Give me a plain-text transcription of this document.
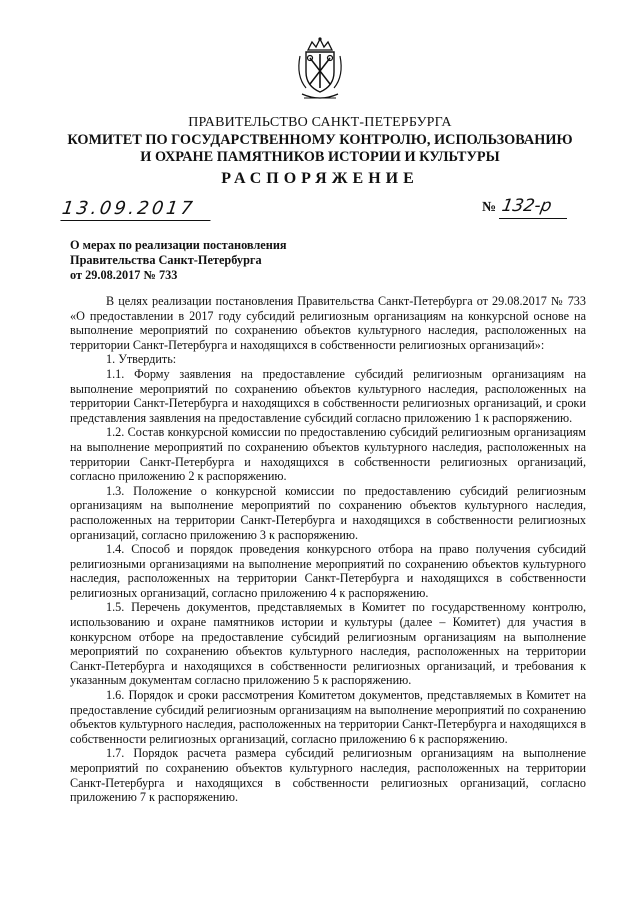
ПРАВИТЕЛЬСТВО САНКТ-ПЕТЕРБУРГА
КОМИТЕТ ПО ГОСУДАРСТВЕННОМУ КОНТРОЛЮ, ИСПОЛЬЗОВАНИЮ
И ОХРАНЕ ПАМЯТНИКОВ ИСТОРИИ И КУЛЬТУРЫ
РАСПОРЯЖЕНИЕ
13.09.2017	№ 132-р
О мерах по реализации постановления
Правительства Санкт-Петербурга
от 29.08.2017 № 733

В целях реализации постановления Правительства Санкт-Петербурга от 29.08.2017 № 733 «О предоставлении в 2017 году субсидий религиозным организациям на конкурсной основе на выполнение мероприятий по сохранению объектов культурного наследия, расположенных на территории Санкт-Петербурга и находящихся в собственности религиозных организаций»:

1. Утвердить:

1.1. Форму заявления на предоставление субсидий религиозным организациям на выполнение мероприятий по сохранению объектов культурного наследия, расположенных на территории Санкт-Петербурга и находящихся в собственности религиозных организаций, и сроки представления заявления на предоставление субсидий согласно приложению 1 к распоряжению.

1.2. Состав конкурсной комиссии по предоставлению субсидий религиозным организациям на выполнение мероприятий по сохранению объектов культурного наследия, расположенных на территории Санкт-Петербурга и находящихся в собственности религиозных организаций, согласно приложению 2 к распоряжению.

1.3. Положение о конкурсной комиссии по предоставлению субсидий религиозным организациям на выполнение мероприятий по сохранению объектов культурного наследия, расположенных на территории Санкт-Петербурга и находящихся в собственности религиозных организаций, согласно приложению 3 к распоряжению.

1.4. Способ и порядок проведения конкурсного отбора на право получения субсидий религиозными организациями на выполнение мероприятий по сохранению объектов культурного наследия, расположенных на территории Санкт-Петербурга и находящихся в собственности религиозных организаций, согласно приложению 4 к распоряжению.

1.5. Перечень документов, представляемых в Комитет по государственному контролю, использованию и охране памятников истории и культуры (далее – Комитет) для участия в конкурсном отборе на предоставление субсидий религиозным организациям на выполнение мероприятий по сохранению объектов культурного наследия, расположенных на территории Санкт-Петербурга и находящихся в собственности религиозных организаций, и требования к указанным документам согласно приложению 5 к распоряжению.

1.6. Порядок и сроки рассмотрения Комитетом документов, представляемых в Комитет на предоставление субсидий религиозным организациям на выполнение мероприятий по сохранению объектов культурного наследия, расположенных на территории Санкт-Петербурга и находящихся в собственности религиозных организаций, согласно приложению 6 к распоряжению.

1.7. Порядок расчета размера субсидий религиозным организациям на выполнение мероприятий по сохранению объектов культурного наследия, расположенных на территории Санкт-Петербурга и находящихся в собственности религиозных организаций, согласно приложению 7 к распоряжению.
